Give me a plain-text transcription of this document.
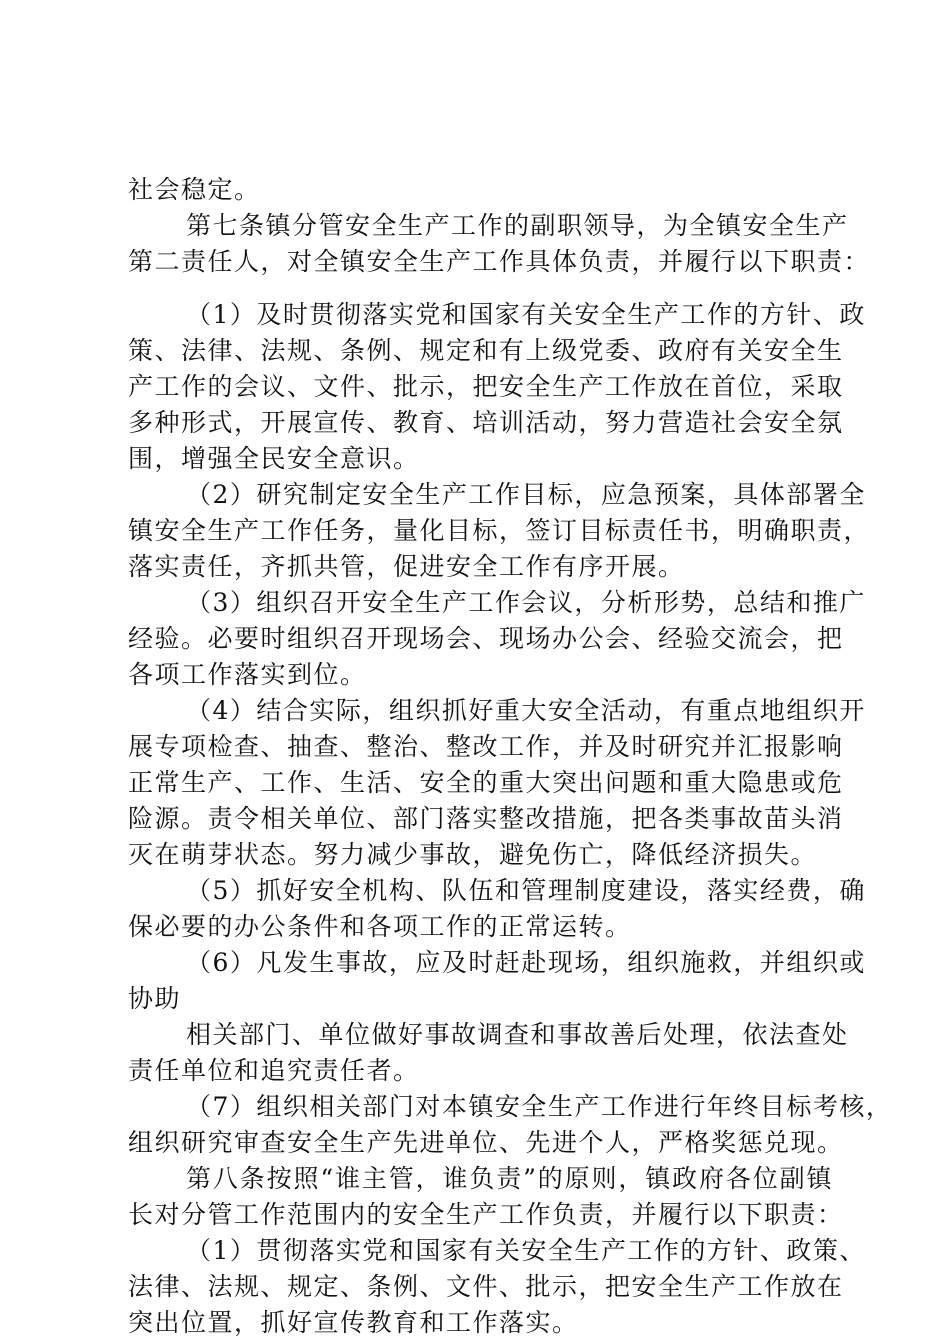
社会稳定。
第七条镇分管安全生产工作的副职领导，为全镇安全生产
第二责任人，对全镇安全生产工作具体负责，并履行以下职责：
（1）及时贯彻落实党和国家有关安全生产工作的方针、政
策、法律、法规、条例、规定和有上级党委、政府有关安全生
产工作的会议、文件、批示，把安全生产工作放在首位，采取
多种形式，开展宣传、教育、培训活动，努力营造社会安全氛
围，增强全民安全意识。
（2）研究制定安全生产工作目标，应急预案，具体部署全
镇安全生产工作任务，量化目标，签订目标责任书，明确职责，
落实责任，齐抓共管，促进安全工作有序开展。
（3）组织召开安全生产工作会议，分析形势，总结和推广
经验。必要时组织召开现场会、现场办公会、经验交流会，把
各项工作落实到位。
（4）结合实际，组织抓好重大安全活动，有重点地组织开
展专项检查、抽查、整治、整改工作，并及时研究并汇报影响
正常生产、工作、生活、安全的重大突出问题和重大隐患或危
险源。责令相关单位、部门落实整改措施，把各类事故苗头消
灭在萌芽状态。努力减少事故，避免伤亡，降低经济损失。
（5）抓好安全机构、队伍和管理制度建设，落实经费，确
保必要的办公条件和各项工作的正常运转。
（6）凡发生事故，应及时赶赴现场，组织施救，并组织或
协助
相关部门、单位做好事故调查和事故善后处理，依法查处
责任单位和追究责任者。
（7）组织相关部门对本镇安全生产工作进行年终目标考核，
组织研究审查安全生产先进单位、先进个人，严格奖惩兑现。
第八条按照“谁主管，谁负责”的原则，镇政府各位副镇
长对分管工作范围内的安全生产工作负责，并履行以下职责：
（1）贯彻落实党和国家有关安全生产工作的方针、政策、
法律、法规、规定、条例、文件、批示，把安全生产工作放在
突出位置，抓好宣传教育和工作落实。
